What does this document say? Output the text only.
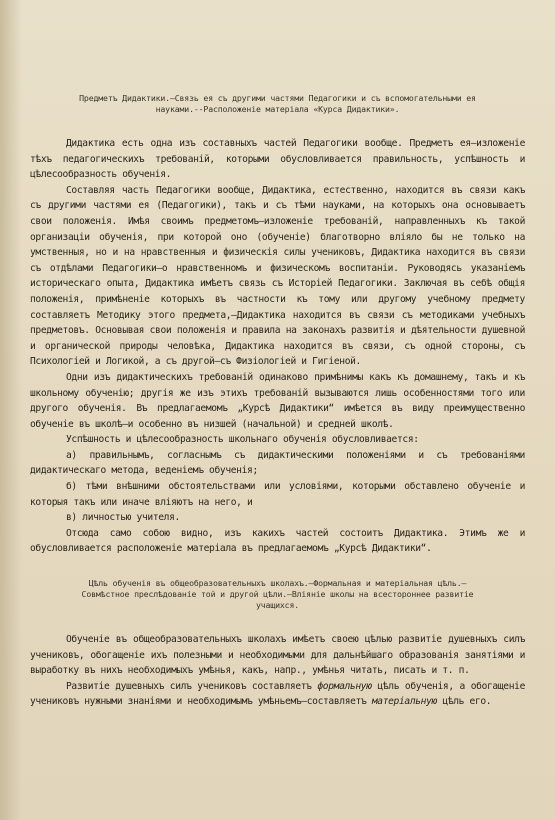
Предметъ Дидактики.—Связь ея съ другими частями Педагогики и съ вспомогательными ея
науками.--Расположеніе матеріала «Курса Дидактики».

Дидактика есть одна изъ составныхъ частей Педагогики вообще. Предметъ ея—изложеніе тѣхъ педагогическихъ требованій, которыми обусловливается правильность, успѣшность и цѣлесообразность обученія.

Составляя часть Педагогики вообще, Дидактика, естественно, находится въ связи какъ съ другими частями ея (Педагогики), такъ и съ тѣми науками, на которыхъ она основываетъ свои положенія. Имѣя своимъ предметомъ—изложеніе требованій, направленныхъ къ такой организаціи обученія, при которой оно (обученіе) благотворно вліяло бы не только на умственныя, но и на нравственныя и физическія силы учениковъ, Дидактика находится въ связи съ отдѣлами Педагогики—о нравственномъ и физическомъ воспитаніи. Руководясь указаніемъ историческаго опыта, Дидактика имѣетъ связь съ Исторіей Педагогики. Заключая въ себѣ общія положенія, примѣненіе которыхъ въ частности къ тому или другому учебному предмету составляетъ Методику этого предмета,—Дидактика находится въ связи съ методиками учебныхъ предметовъ. Основывая свои положенія и правила на законахъ развитія и дѣятельности душевной и органической природы человѣка, Дидактика находится въ связи, съ одной стороны, съ Психологіей и Логикой, а съ другой—съ Физіологіей и Гигіеной.

Одни изъ дидактическихъ требованій одинаково примѣнимы какъ къ домашнему, такъ и къ школьному обученію; другія же изъ этихъ требованій вызываются лишь особенностями того или другого обученія. Въ предлагаемомъ „Курсѣ Дидактики“ имѣется въ виду преимущественно обученіе въ школѣ—и особенно въ низшей (начальной) и средней школѣ.

Успѣшность и цѣлесообразность школьнаго обученія обусловливается:

а) правильнымъ, согласнымъ съ дидактическими положеніями и съ требованіями дидактическаго метода, веденіемъ обученія;

б) тѣми внѣшними обстоятельствами или условіями, которыми обставлено обученіе и которыя такъ или иначе вліяютъ на него, и

в) личностью учителя.

Отсюда само собою видно, изъ какихъ частей состоитъ Дидактика. Этимъ же и обусловливается расположеніе матеріала въ предлагаемомъ „Курсѣ Дидактики“.

Цѣль обученія въ общеобразовательныхъ школахъ.—Формальная и матеріальная цѣль.—
Совмѣстное преслѣдованіе той и другой цѣли.—Вліяніе школы на всестороннее развитіе
учащихся.

Обученіе въ общеобразовательныхъ школахъ имѣетъ своею цѣлью развитіе душевныхъ силъ учениковъ, обогащеніе ихъ полезными и необходимыми для дальнѣйшаго образованія занятіями и выработку въ нихъ необходимыхъ умѣнья, какъ, напр., умѣнья читать, писать и т. п.

Развитіе душевныхъ силъ учениковъ составляетъ формальную цѣль обученія, а обогащеніе учениковъ нужными знаніями и необходимымъ умѣньемъ—составляетъ матеріальную цѣль его.
